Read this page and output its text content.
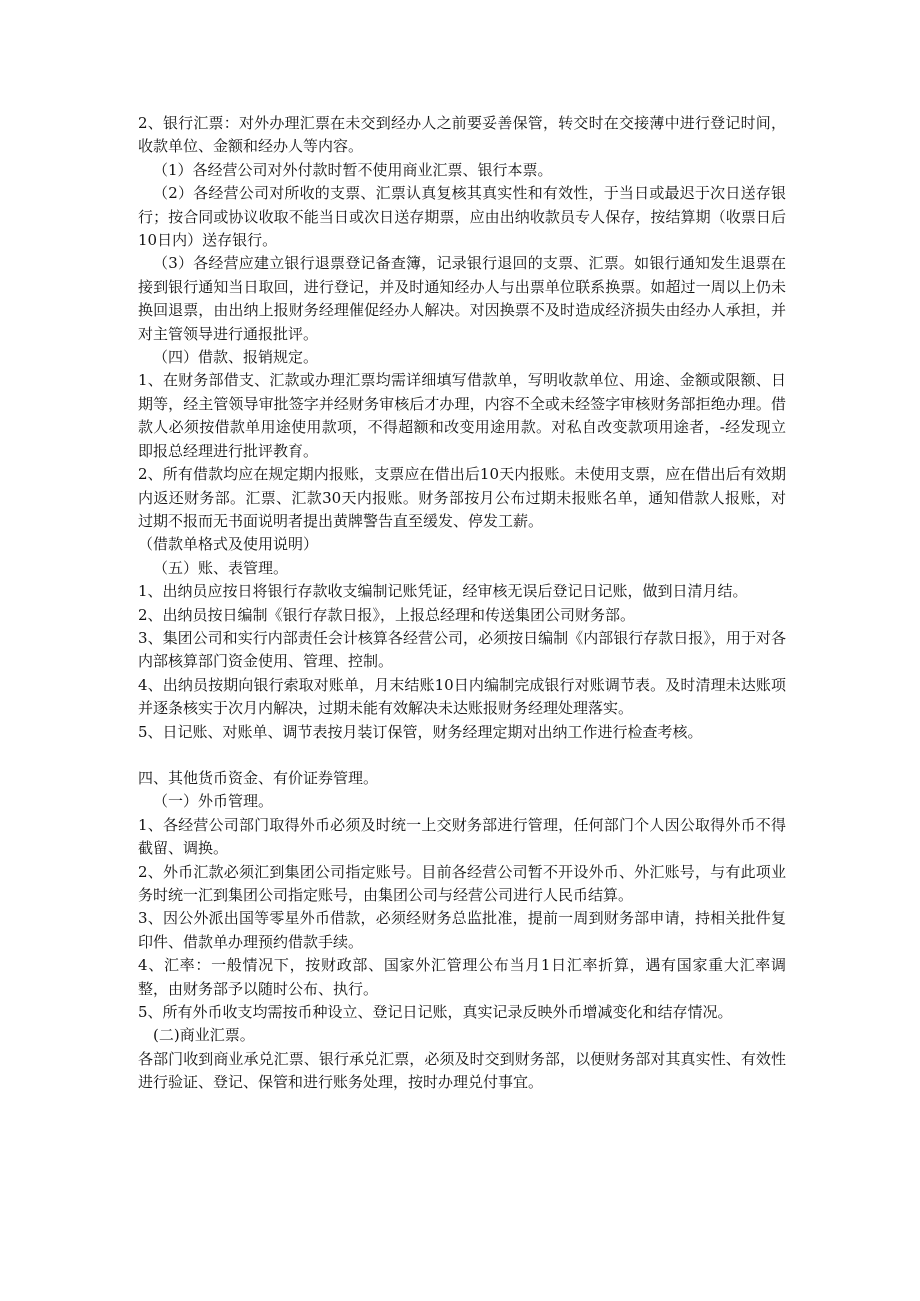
2、银行汇票：对外办理汇票在未交到经办人之前要妥善保管，转交时在交接薄中进行登记时间，收款单位、金额和经办人等内容。

（1）各经营公司对外付款时暂不使用商业汇票、银行本票。

（2）各经营公司对所收的支票、汇票认真复核其真实性和有效性，于当日或最迟于次日送存银行；按合同或协议收取不能当日或次日送存期票，应由出纳收款员专人保存，按结算期（收票日后10日内）送存银行。

（3）各经营应建立银行退票登记备查簿，记录银行退回的支票、汇票。如银行通知发生退票在接到银行通知当日取回，进行登记，并及时通知经办人与出票单位联系换票。如超过一周以上仍未换回退票，由出纳上报财务经理催促经办人解决。对因换票不及时造成经济损失由经办人承担，并对主管领导进行通报批评。

（四）借款、报销规定。

1、在财务部借支、汇款或办理汇票均需详细填写借款单，写明收款单位、用途、金额或限额、日期等，经主管领导审批签字并经财务审核后才办理，内容不全或未经签字审核财务部拒绝办理。借款人必须按借款单用途使用款项，不得超额和改变用途用款。对私自改变款项用途者，-经发现立即报总经理进行批评教育。

2、所有借款均应在规定期内报账，支票应在借出后10天内报账。未使用支票，应在借出后有效期内返还财务部。汇票、汇款30天内报账。财务部按月公布过期未报账名单，通知借款人报账，对过期不报而无书面说明者提出黄牌警告直至缓发、停发工薪。

（借款单格式及使用说明）

（五）账、表管理。

1、出纳员应按日将银行存款收支编制记账凭证，经审核无误后登记日记账，做到日清月结。

2、出纳员按日编制《银行存款日报》，上报总经理和传送集团公司财务部。

3、集团公司和实行内部责任会计核算各经营公司，必须按日编制《内部银行存款日报》，用于对各内部核算部门资金使用、管理、控制。

4、出纳员按期向银行索取对账单，月末结账10日内编制完成银行对账调节表。及时清理未达账项并逐条核实于次月内解决，过期未能有效解决未达账报财务经理处理落实。

5、日记账、对账单、调节表按月装订保管，财务经理定期对出纳工作进行检查考核。

四、其他货币资金、有价证券管理。

（一）外币管理。

1、各经营公司部门取得外币必须及时统一上交财务部进行管理，任何部门个人因公取得外币不得截留、调换。

2、外币汇款必须汇到集团公司指定账号。目前各经营公司暂不开设外币、外汇账号，与有此项业务时统一汇到集团公司指定账号，由集团公司与经营公司进行人民币结算。

3、因公外派出国等零星外币借款，必须经财务总监批准，提前一周到财务部申请，持相关批件复印件、借款单办理预约借款手续。

4、汇率：一般情况下，按财政部、国家外汇管理公布当月1日汇率折算，遇有国家重大汇率调整，由财务部予以随时公布、执行。

5、所有外币收支均需按币种设立、登记日记账，真实记录反映外币增减变化和结存情况。

(二)商业汇票。

各部门收到商业承兑汇票、银行承兑汇票，必须及时交到财务部，以便财务部对其真实性、有效性进行验证、登记、保管和进行账务处理，按时办理兑付事宜。
